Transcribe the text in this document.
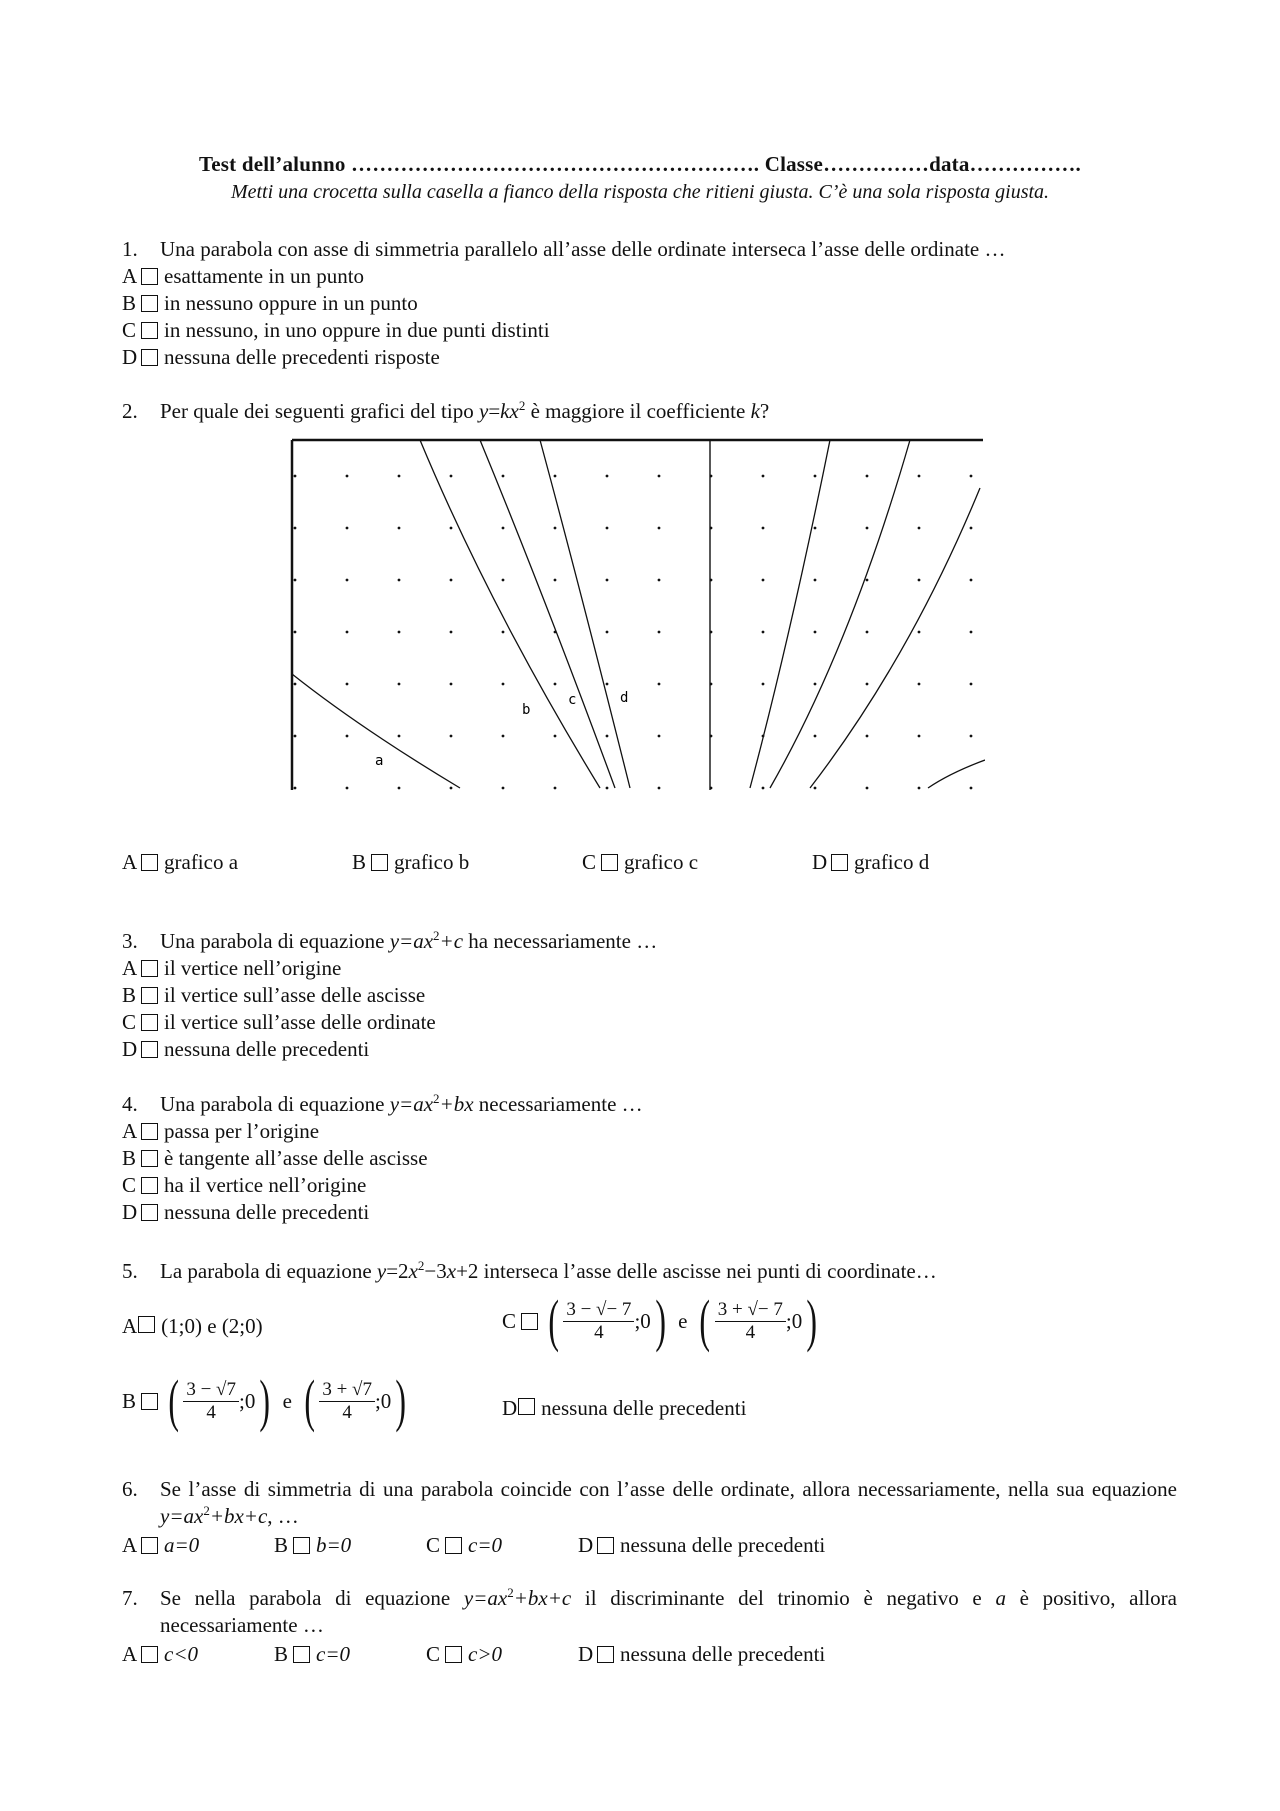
Test dell’alunno …………………………………………………. Classe……………data…………….
Metti una crocetta sulla casella a fianco della risposta che ritieni giusta. C’è una sola risposta giusta.
1.	Una parabola con asse di simmetria parallelo all’asse delle ordinate interseca l’asse delle ordinate …
A esattamente in un punto
B in nessuno oppure in un punto
C in nessuno, in uno oppure in due punti distinti
D nessuna delle precedenti risposte
2.	Per quale dei seguenti grafici del tipo $y=kx^2$ è maggiore il coefficiente k?
a
b
c	d
A grafico a	B grafico b	C grafico c	D grafico d
3.	Una parabola di equazione $y=ax^2+c$ ha necessariamente …
A il vertice nell’origine
B il vertice sull’asse delle ascisse
C il vertice sull’asse delle ordinate
D nessuna delle precedenti
4.	Una parabola di equazione $y=ax^2+bx$ necessariamente …
A passa per l’origine
B è tangente all’asse delle ascisse
C ha il vertice nell’origine
D nessuna delle precedenti
5.	La parabola di equazione $y=2x^2-3x+2$ interseca l’asse delle ascisse nei punti di coordinate…
A (1;0) e (2;0)	C ( $\frac{3 - √- 7}{4}$ ;0 ) e ( $\frac{3 + √- 7}{4}$ ;0 )
B ( $\frac{3 - √7}{4}$ ;0 ) e ( $\frac{3 + √7}{4}$ ;0 )	D nessuna delle precedenti
6.	Se l’asse di simmetria di una parabola coincide con l’asse delle ordinate, allora necessariamente, nella sua equazione $y=ax^2+bx+c$, …
A a=0	B b=0	C c=0	D nessuna delle precedenti
7.	Se nella parabola di equazione $y=ax^2+bx+c$ il discriminante del trinomio è negativo e a è positivo, allora necessariamente …
A c<0	B c=0	C c>0	D nessuna delle precedenti
